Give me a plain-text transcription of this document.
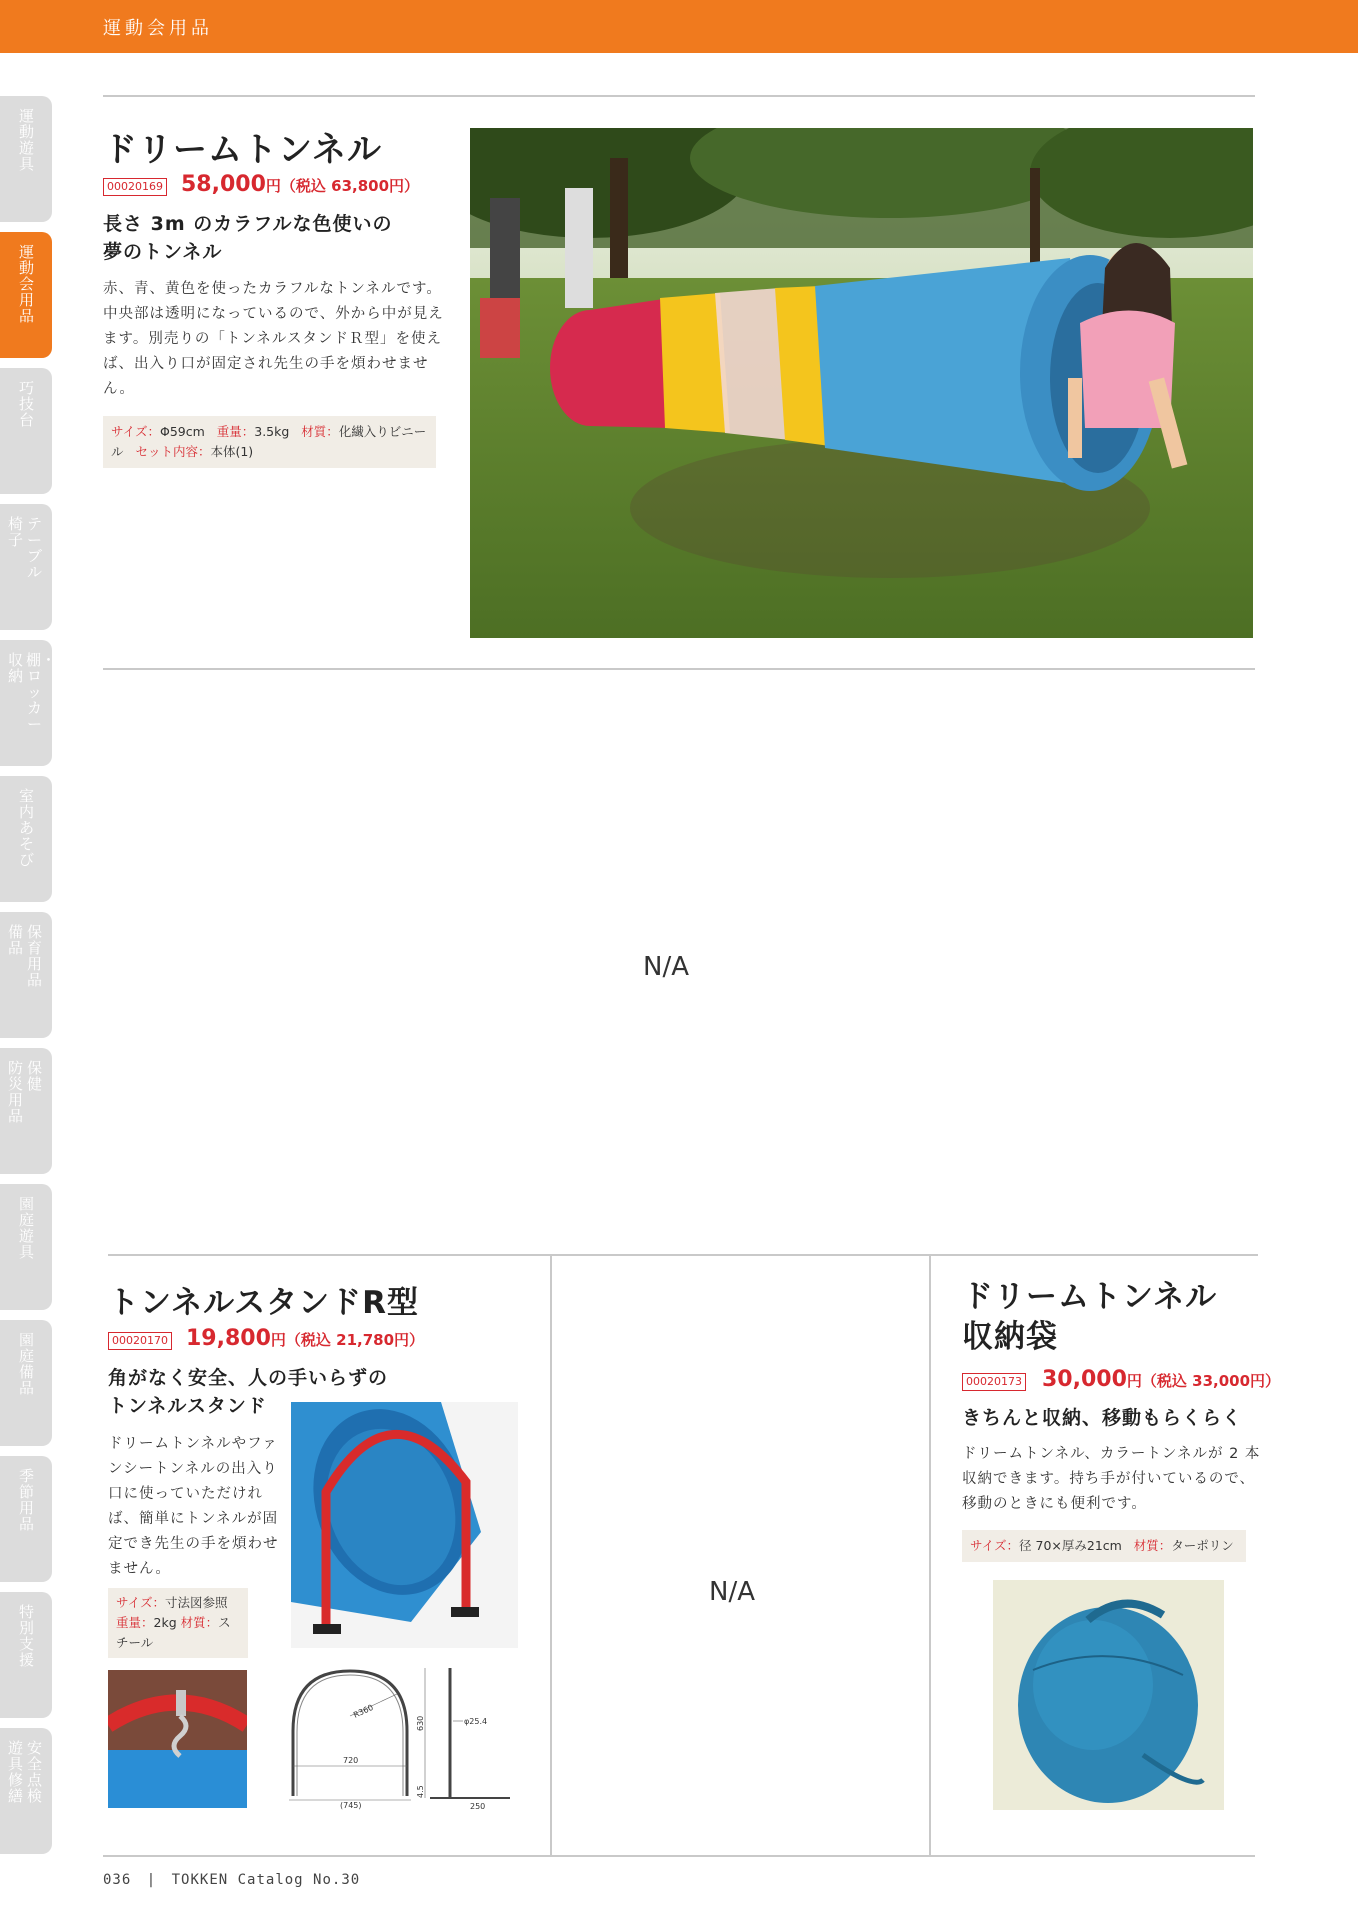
運動会用品
運動遊具
運動会用品
巧技台
テーブル
椅子
棚・ロッカー
収納
室内あそび
保育用品
備品
保健
防災用品
園庭遊具
園庭備品
季節用品
特別支援
安全点検
遊具修繕
ドリームトンネル
00020169 58,000円（税込 63,800円）
長さ 3m のカラフルな色使いの
夢のトンネル
赤、青、黄色を使ったカラフルなトンネルです。中央部は透明になっているので、外から中が見えます。別売りの「トンネルスタンドＲ型」を使えば、出入り口が固定され先生の手を煩わせません。
サイズ：Φ59cm 重量：3.5kg 材質：化繊入りビニール セット内容：本体(1)
N/A
トンネルスタンドR型
00020170 19,800円（税込 21,780円）
角がなく安全、人の手いらずの
トンネルスタンド
ドリームトンネルやファンシートンネルの出入り口に使っていただければ、簡単にトンネルが固定でき先生の手を煩わせません。
サイズ：寸法図参照 重量：2kg 材質：スチール
R360
720
(745)
630
4.5
250
φ25.4
N/A
ドリームトンネル
収納袋
00020173 30,000円（税込 33,000円）
きちんと収納、移動もらくらく
ドリームトンネル、カラートンネルが 2 本収納できます。持ち手が付いているので、移動のときにも便利です。
サイズ：径 70×厚み21cm 材質：ターポリン
036 | TOKKEN Catalog No.30
